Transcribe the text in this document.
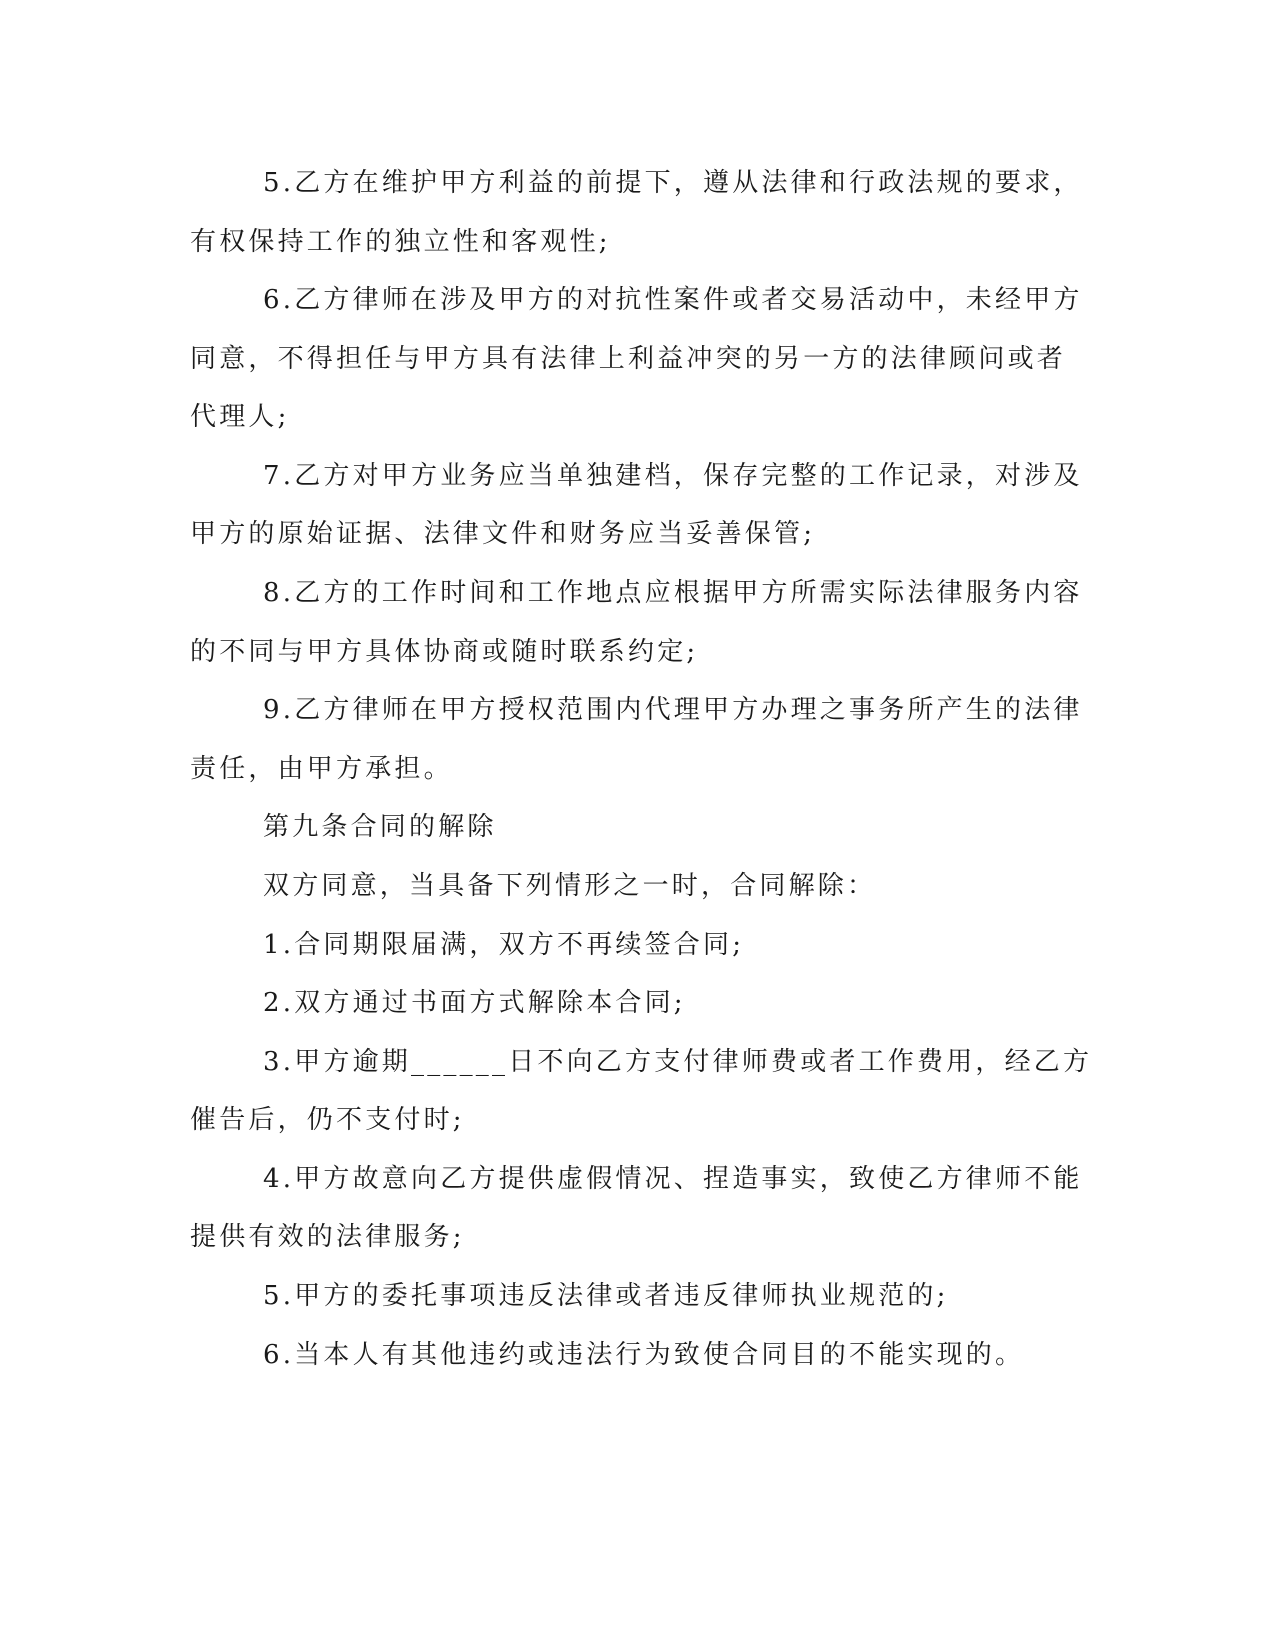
5.乙方在维护甲方利益的前提下，遵从法律和行政法规的要求，
有权保持工作的独立性和客观性;
6.乙方律师在涉及甲方的对抗性案件或者交易活动中，未经甲方
同意，不得担任与甲方具有法律上利益冲突的另一方的法律顾问或者
代理人;
7.乙方对甲方业务应当单独建档，保存完整的工作记录，对涉及
甲方的原始证据、法律文件和财务应当妥善保管;
8.乙方的工作时间和工作地点应根据甲方所需实际法律服务内容
的不同与甲方具体协商或随时联系约定;
9.乙方律师在甲方授权范围内代理甲方办理之事务所产生的法律
责任，由甲方承担。
第九条合同的解除
双方同意，当具备下列情形之一时，合同解除：
1.合同期限届满，双方不再续签合同;
2.双方通过书面方式解除本合同;
3.甲方逾期______日不向乙方支付律师费或者工作费用，经乙方
催告后，仍不支付时;
4.甲方故意向乙方提供虚假情况、捏造事实，致使乙方律师不能
提供有效的法律服务;
5.甲方的委托事项违反法律或者违反律师执业规范的;
6.当本人有其他违约或违法行为致使合同目的不能实现的。
